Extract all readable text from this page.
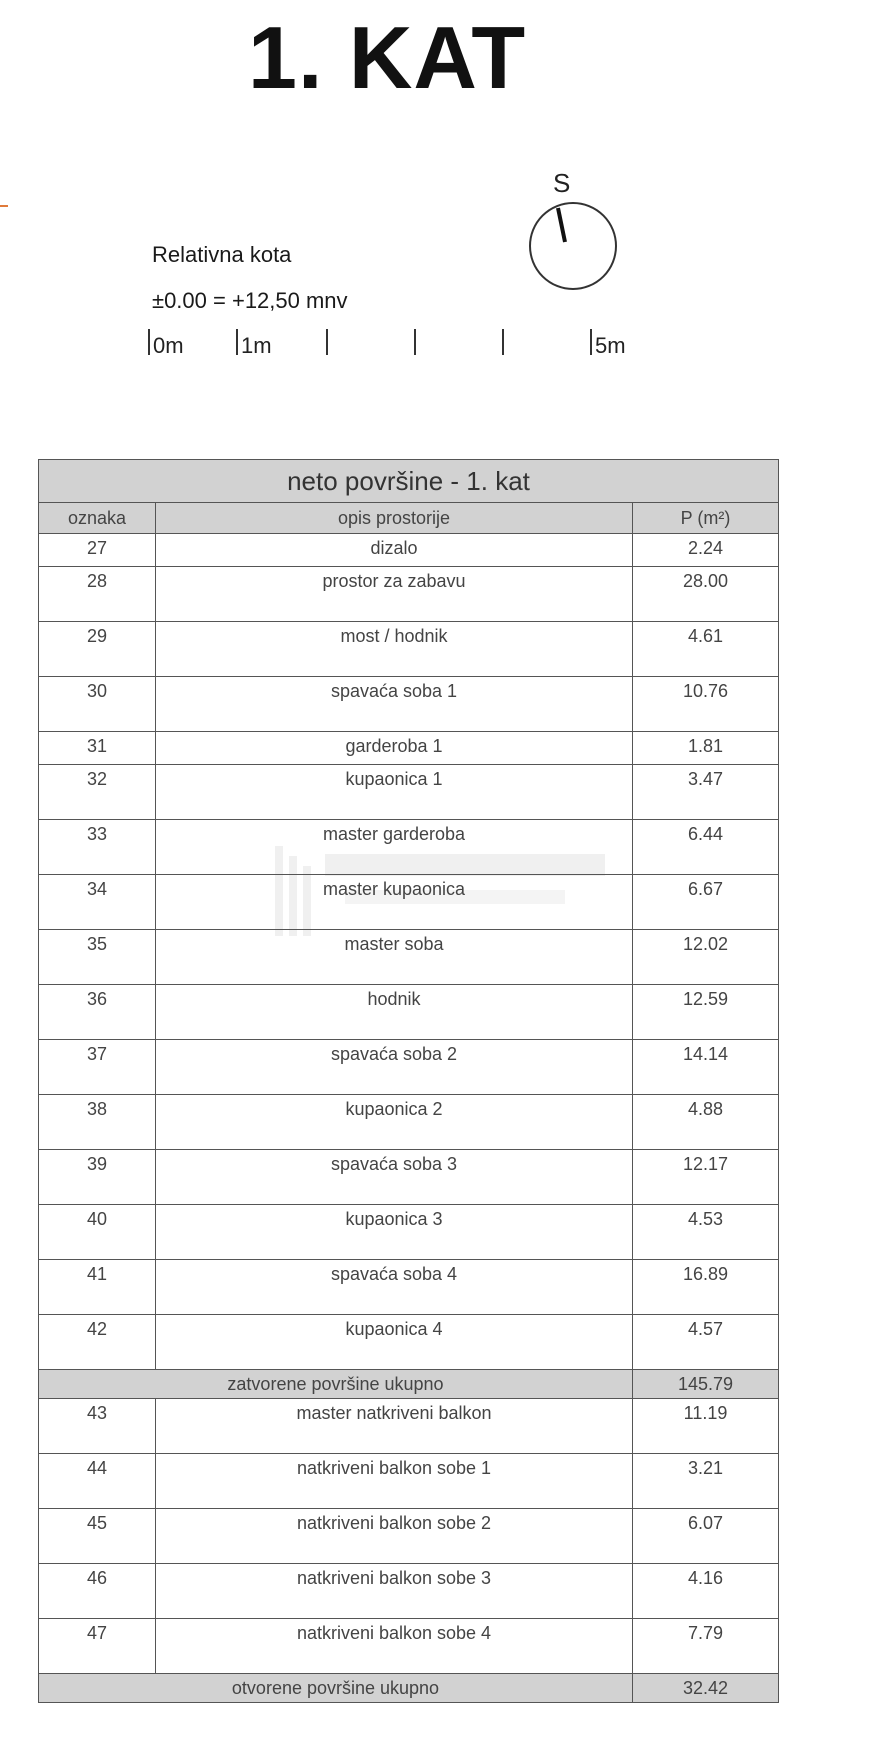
1. KAT
Relativna kota
±0.00 = +12,50 mnv
0m	1m	5m
S
neto površine - 1. kat		
oznaka	opis prostorije	P (m²)
27	dizalo	2.24
28	prostor za zabavu	28.00
29	most / hodnik	4.61
30	spavaća soba 1	10.76
31	garderoba 1	1.81
32	kupaonica 1	3.47
33	master garderoba	6.44
34	master kupaonica	6.67
35	master soba	12.02
36	hodnik	12.59
37	spavaća soba 2	14.14
38	kupaonica 2	4.88
39	spavaća soba 3	12.17
40	kupaonica 3	4.53
41	spavaća soba 4	16.89
42	kupaonica 4	4.57
zatvorene površine ukupno		145.79
43	master natkriveni balkon	11.19
44	natkriveni balkon sobe 1	3.21
45	natkriveni balkon sobe 2	6.07
46	natkriveni balkon sobe 3	4.16
47	natkriveni balkon sobe 4	7.79
otvorene površine ukupno		32.42
